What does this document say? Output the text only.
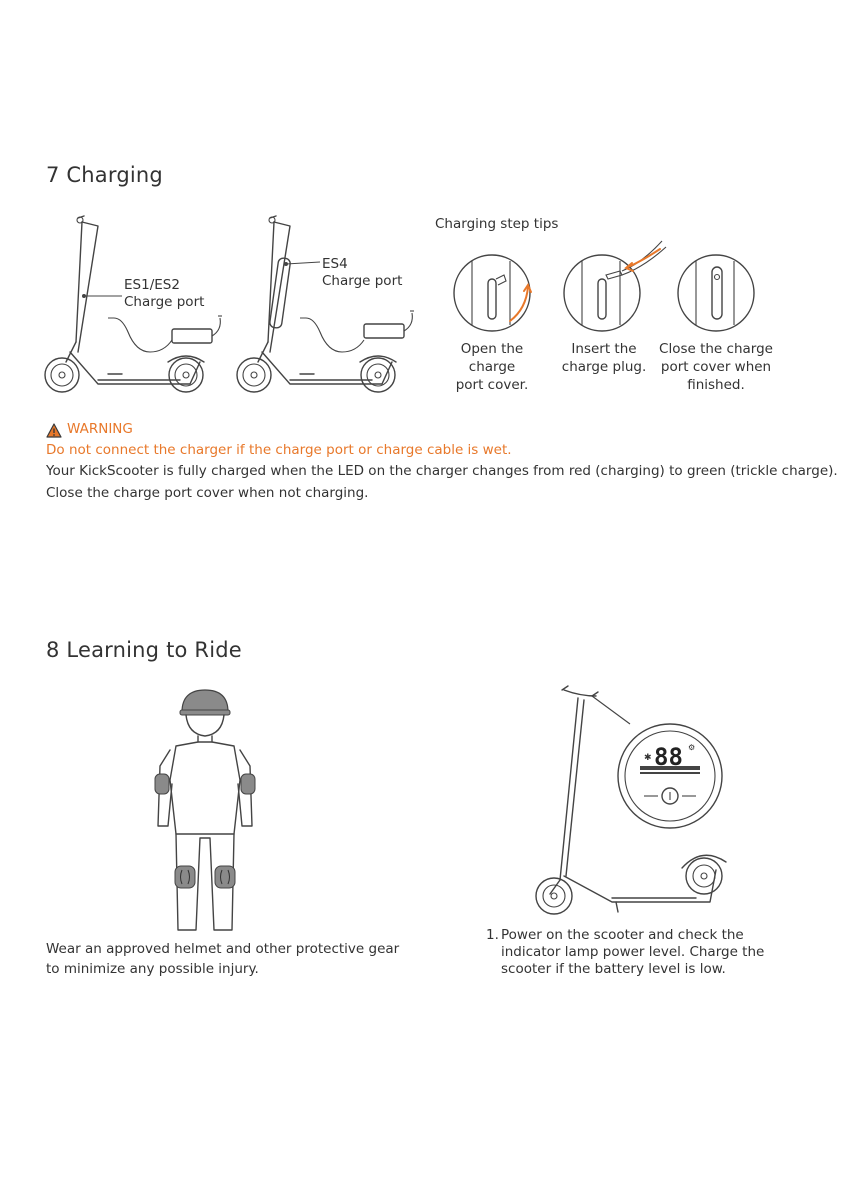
7 Charging
ES1/ES2
Charge port
ES4
Charge port
Charging step tips
Open the charge
port cover.
Insert the
charge plug.
Close the charge
port cover when
finished.
WARNING
Do not connect the charger if the charge port or charge cable is wet.
Your KickScooter is fully charged when the LED on the charger changes from red (charging) to green (trickle charge).
Close the charge port cover when not charging.
8 Learning to Ride
Wear an approved helmet and other protective gear
to minimize any possible injury.
✱
⚙
88
1. Power on the scooter and check the
indicator lamp power level. Charge the
scooter if the battery level is low.
